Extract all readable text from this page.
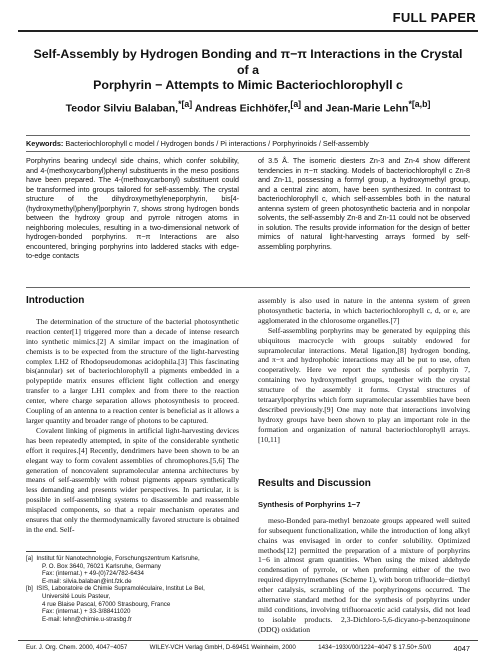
FULL PAPER
Self-Assembly by Hydrogen Bonding and π−π Interactions in the Crystal of a
Porphyrin − Attempts to Mimic Bacteriochlorophyll c
Teodor Silviu Balaban,$^{*[a]}$ Andreas Eichhöfer,[a] and Jean-Marie Lehn$^{*[a,b]}$
Keywords: Bacteriochlorophyll c model / Hydrogen bonds / Pi interactions / Porphyrinoids / Self-assembly
Porphyrins bearing undecyl side chains, which confer solubility, and 4-(methoxycarbonyl)phenyl substituents in the meso positions have been prepared. The 4-(methoxycarbonyl) substituent could be transformed into groups tailored for self-assembly. The crystal structure of the dihydroxymethyleneporphyrin, bis[4-(hydroxymethyl)phenyl]porphyrin 7, shows strong hydrogen bonds between the hydroxy group and pyrrole nitrogen atoms in neighboring molecules, resulting in a two-dimensional network of hydrogen-bonded porphyrins. π−π Interactions are also encountered, bringing porphyrins into laddered stacks with edge-to-edge contacts
of 3.5 Å. The isomeric diesters Zn-3 and Zn-4 show different tendencies in π−π stacking. Models of bacteriochlorophyll c Zn-8 and Zn-11, possessing a formyl group, a hydroxymethyl group, and a central zinc atom, have been synthesized. In contrast to bacteriochlorophyll c, which self-assembles both in the natural antenna system of green photosynthetic bacteria and in nonpolar solvents, the self-assembly Zn-8 and Zn-11 could not be observed in solution. The results provide information for the design of better mimics of natural light-harvesting arrays formed by self-assembling porphyrins.
Introduction

The determination of the structure of the bacterial photosynthetic reaction center[1] triggered more than a decade of intense research into synthetic mimics.[2] A similar impact on the imagination of chemists is to be expected from the structure of the light-harvesting complex LH2 of Rhodopseudomonas acidophila.[3] This fascinating bis(annular) set of bacteriochlorophyll a pigments embedded in a polypeptide matrix ensures efficient light collection and energy transfer to a larger LH1 complex and from there to the reaction center, where charge separation allows photosynthesis to proceed. Coupling of an antenna to a reaction center is beneficial as it allows a larger quantity and broader range of photons to be captured.

Covalent linking of pigments in artificial light-harvesting devices has been repeatedly attempted, in spite of the considerable synthetic effort it requires.[4] Recently, dendrimers have been shown to be an elegant way to form covalent assemblies of chromophores.[5,6] The generation of noncovalent supramolecular antenna architectures by means of self-assembly with robust pigments appears synthetically less demanding and presents wider perspectives. In particular, it is possible in self-assembling systems to disassemble and reassemble misplaced components, so that a repair mechanism operates and ensures that only the thermodynamically favored structure is obtained in the end. Self-

assembly is also used in nature in the antenna system of green photosynthetic bacteria, in which bacteriochlorophyll c, d, or e, are agglomerated in the chlorosome organelles.[7]

Self-assembling porphyrins may be generated by equipping this ubiquitous macrocycle with groups suitably endowed for supramolecular interactions. Metal ligation,[8] hydrogen bonding, and π−π and hydrophobic interactions may all be put to use, often cooperatively. Here we report the synthesis of porphyrin 7, containing two hydroxymethyl groups, together with the crystal structure of the assembly it forms. Crystal structures of tetraarylporphyrins which form supramolecular assemblies have been described previously.[9] One may note that interactions involving hydroxy groups have been shown to play an important role in the formation and organization of natural bacteriochlorophyll arrays.[10,11]

Results and Discussion
Synthesis of Porphyrins 1−7

meso-Bonded para-methyl benzoate groups appeared well suited for subsequent functionalization, while the introduction of long alkyl chains was envisaged in order to confer solubility. Optimized methods[12] permitted the preparation of a mixture of porphyrins 1−6 in almost gram quantities. When using the mixed aldehyde condensation of pyrrole, or when preforming either of the two required dipyrrylmethanes (Scheme 1), with boron trifluoride−diethyl ether catalysis, scrambling of the porphyrinogens occurred. The alternative standard method for the synthesis of porphyrins under mild conditions, involving trifluoroacetic acid catalysis, did not lead to isolable products. 2,3-Dichloro-5,6-dicyano-p-benzoquinone (DDQ) oxidation

[a] Institut für Nanotechnologie, Forschungszentrum Karlsruhe,
P. O. Box 3640, 76021 Karlsruhe, Germany
Fax: (internat.) + 49-(0)724/782-6434
E-mail: silvia.balaban@int.fzk.de
[b] ISIS, Laboratoire de Chimie Supramoléculaire, Institut Le Bel,
Université Louis Pasteur,
4 rue Blaise Pascal, 67000 Strasbourg, France
Fax: (internat.) + 33-3/88411020
E-mail: lehn@chimie.u-strasbg.fr
Eur. J. Org. Chem. 2000, 4047−4057	WILEY-VCH Verlag GmbH, D-69451 Weinheim, 2000	1434−193X/00/1224−4047 $ 17.50+.50/0	4047
